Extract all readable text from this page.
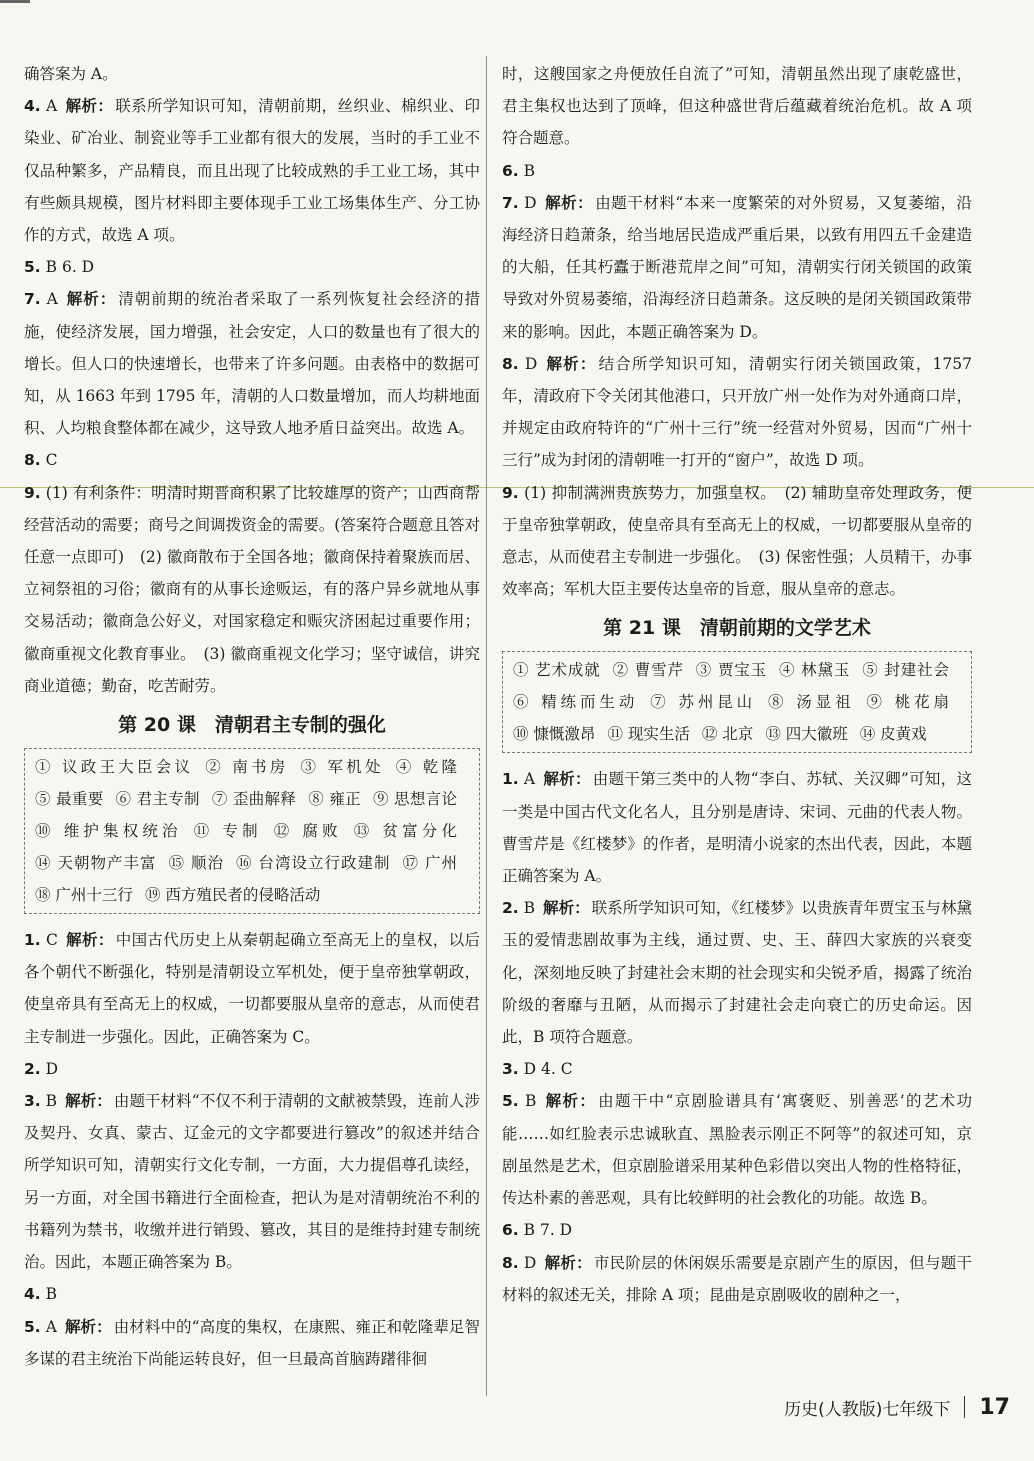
确答案为 A。

4. A 解析： 联系所学知识可知，清朝前期，丝织业、棉织业、印染业、矿冶业、制瓷业等手工业都有很大的发展，当时的手工业不仅品种繁多，产品精良，而且出现了比较成熟的手工业工场，其中有些颇具规模，图片材料即主要体现手工业工场集体生产、分工协作的方式，故选 A 项。

5. B 6. D

7. A 解析： 清朝前期的统治者采取了一系列恢复社会经济的措施，使经济发展，国力增强，社会安定，人口的数量也有了很大的增长。但人口的快速增长，也带来了许多问题。由表格中的数据可知，从 1663 年到 1795 年，清朝的人口数量增加，而人均耕地面积、人均粮食整体都在减少，这导致人地矛盾日益突出。故选 A。

8. C

9. (1) 有利条件：明清时期晋商积累了比较雄厚的资产；山西商帮经营活动的需要；商号之间调拨资金的需要。(答案符合题意且答对任意一点即可)　(2) 徽商散布于全国各地；徽商保持着聚族而居、立祠祭祖的习俗；徽商有的从事长途贩运，有的落户异乡就地从事交易活动；徽商急公好义，对国家稳定和赈灾济困起过重要作用；徽商重视文化教育事业。　(3) 徽商重视文化学习；坚守诚信，讲究商业道德；勤奋，吃苦耐劳。

第 20 课　清朝君主专制的强化
① 议政王大臣会议 ② 南书房 ③ 军机处 ④ 乾隆⑤ 最重要 ⑥ 君主专制 ⑦ 歪曲解释 ⑧ 雍正 ⑨ 思想言论⑩ 维护集权统治 ⑪ 专制 ⑫ 腐败 ⑬ 贫富分化⑭ 天朝物产丰富 ⑮ 顺治 ⑯ 台湾设立行政建制 ⑰ 广州⑱ 广州十三行 ⑲ 西方殖民者的侵略活动

1. C 解析： 中国古代历史上从秦朝起确立至高无上的皇权，以后各个朝代不断强化，特别是清朝设立军机处，便于皇帝独掌朝政，使皇帝具有至高无上的权威，一切都要服从皇帝的意志，从而使君主专制进一步强化。因此，正确答案为 C。

2. D

3. B 解析： 由题干材料“不仅不利于清朝的文献被禁毁，连前人涉及契丹、女真、蒙古、辽金元的文字都要进行篡改”的叙述并结合所学知识可知，清朝实行文化专制，一方面，大力提倡尊孔读经，另一方面，对全国书籍进行全面检查，把认为是对清朝统治不利的书籍列为禁书，收缴并进行销毁、篡改，其目的是维持封建专制统治。因此，本题正确答案为 B。

4. B

5. A 解析： 由材料中的“高度的集权，在康熙、雍正和乾隆辈足智多谋的君主统治下尚能运转良好，但一旦最高首脑踌躇徘徊

时，这艘国家之舟便放任自流了”可知，清朝虽然出现了康乾盛世，君主集权也达到了顶峰，但这种盛世背后蕴藏着统治危机。故 A 项符合题意。

6. B

7. D 解析： 由题干材料“本来一度繁荣的对外贸易，又复萎缩，沿海经济日趋萧条，给当地居民造成严重后果，以致有用四五千金建造的大船，任其朽蠹于断港荒岸之间”可知，清朝实行闭关锁国的政策导致对外贸易萎缩，沿海经济日趋萧条。这反映的是闭关锁国政策带来的影响。因此，本题正确答案为 D。

8. D 解析： 结合所学知识可知，清朝实行闭关锁国政策，1757 年，清政府下令关闭其他港口，只开放广州一处作为对外通商口岸，并规定由政府特许的“广州十三行”统一经营对外贸易，因而“广州十三行”成为封闭的清朝唯一打开的“窗户”，故选 D 项。

9. (1) 抑制满洲贵族势力，加强皇权。　(2) 辅助皇帝处理政务，便于皇帝独掌朝政，使皇帝具有至高无上的权威，一切都要服从皇帝的意志，从而使君主专制进一步强化。　(3) 保密性强；人员精干，办事效率高；军机大臣主要传达皇帝的旨意，服从皇帝的意志。

第 21 课　清朝前期的文学艺术
① 艺术成就 ② 曹雪芹 ③ 贾宝玉 ④ 林黛玉 ⑤ 封建社会⑥ 精练而生动 ⑦ 苏州昆山 ⑧ 汤显祖 ⑨ 桃花扇⑩ 慷慨激昂 ⑪ 现实生活 ⑫ 北京 ⑬ 四大徽班 ⑭ 皮黄戏

1. A 解析： 由题干第三类中的人物“李白、苏轼、关汉卿”可知，这一类是中国古代文化名人，且分别是唐诗、宋词、元曲的代表人物。曹雪芹是《红楼梦》的作者，是明清小说家的杰出代表，因此，本题正确答案为 A。

2. B 解析： 联系所学知识可知，《红楼梦》以贵族青年贾宝玉与林黛玉的爱情悲剧故事为主线，通过贾、史、王、薛四大家族的兴衰变化，深刻地反映了封建社会末期的社会现实和尖锐矛盾，揭露了统治阶级的奢靡与丑陋，从而揭示了封建社会走向衰亡的历史命运。因此，B 项符合题意。

3. D 4. C

5. B 解析： 由题干中“京剧脸谱具有‘寓褒贬、别善恶’的艺术功能……如红脸表示忠诚耿直、黑脸表示刚正不阿等”的叙述可知，京剧虽然是艺术，但京剧脸谱采用某种色彩借以突出人物的性格特征，传达朴素的善恶观，具有比较鲜明的社会教化的功能。故选 B。

6. B 7. D

8. D 解析： 市民阶层的休闲娱乐需要是京剧产生的原因，但与题干材料的叙述无关，排除 A 项；昆曲是京剧吸收的剧种之一，

历史(人教版)七年级下 17
